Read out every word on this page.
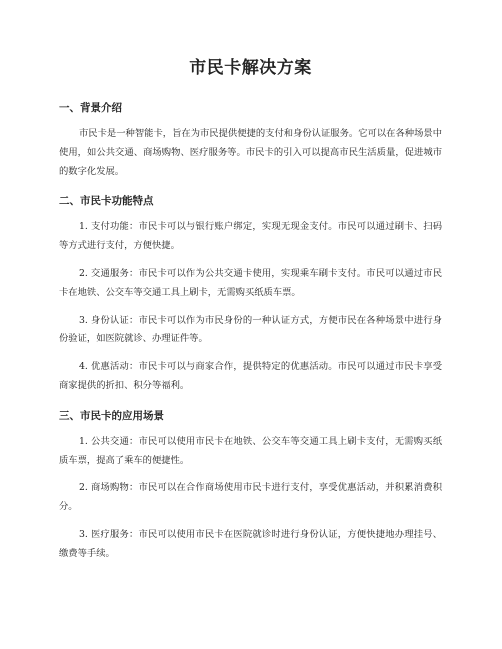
市民卡解决方案
一、背景介绍

市民卡是一种智能卡，旨在为市民提供便捷的支付和身份认证服务。它可以在各种场景中使用，如公共交通、商场购物、医疗服务等。市民卡的引入可以提高市民生活质量，促进城市的数字化发展。

二、市民卡功能特点

1. 支付功能：市民卡可以与银行账户绑定，实现无现金支付。市民可以通过刷卡、扫码等方式进行支付，方便快捷。

2. 交通服务：市民卡可以作为公共交通卡使用，实现乘车刷卡支付。市民可以通过市民卡在地铁、公交车等交通工具上刷卡，无需购买纸质车票。

3. 身份认证：市民卡可以作为市民身份的一种认证方式，方便市民在各种场景中进行身份验证，如医院就诊、办理证件等。

4. 优惠活动：市民卡可以与商家合作，提供特定的优惠活动。市民可以通过市民卡享受商家提供的折扣、积分等福利。

三、市民卡的应用场景

1. 公共交通：市民可以使用市民卡在地铁、公交车等交通工具上刷卡支付，无需购买纸质车票，提高了乘车的便捷性。

2. 商场购物：市民可以在合作商场使用市民卡进行支付，享受优惠活动，并积累消费积分。

3. 医疗服务：市民可以使用市民卡在医院就诊时进行身份认证，方便快捷地办理挂号、缴费等手续。
